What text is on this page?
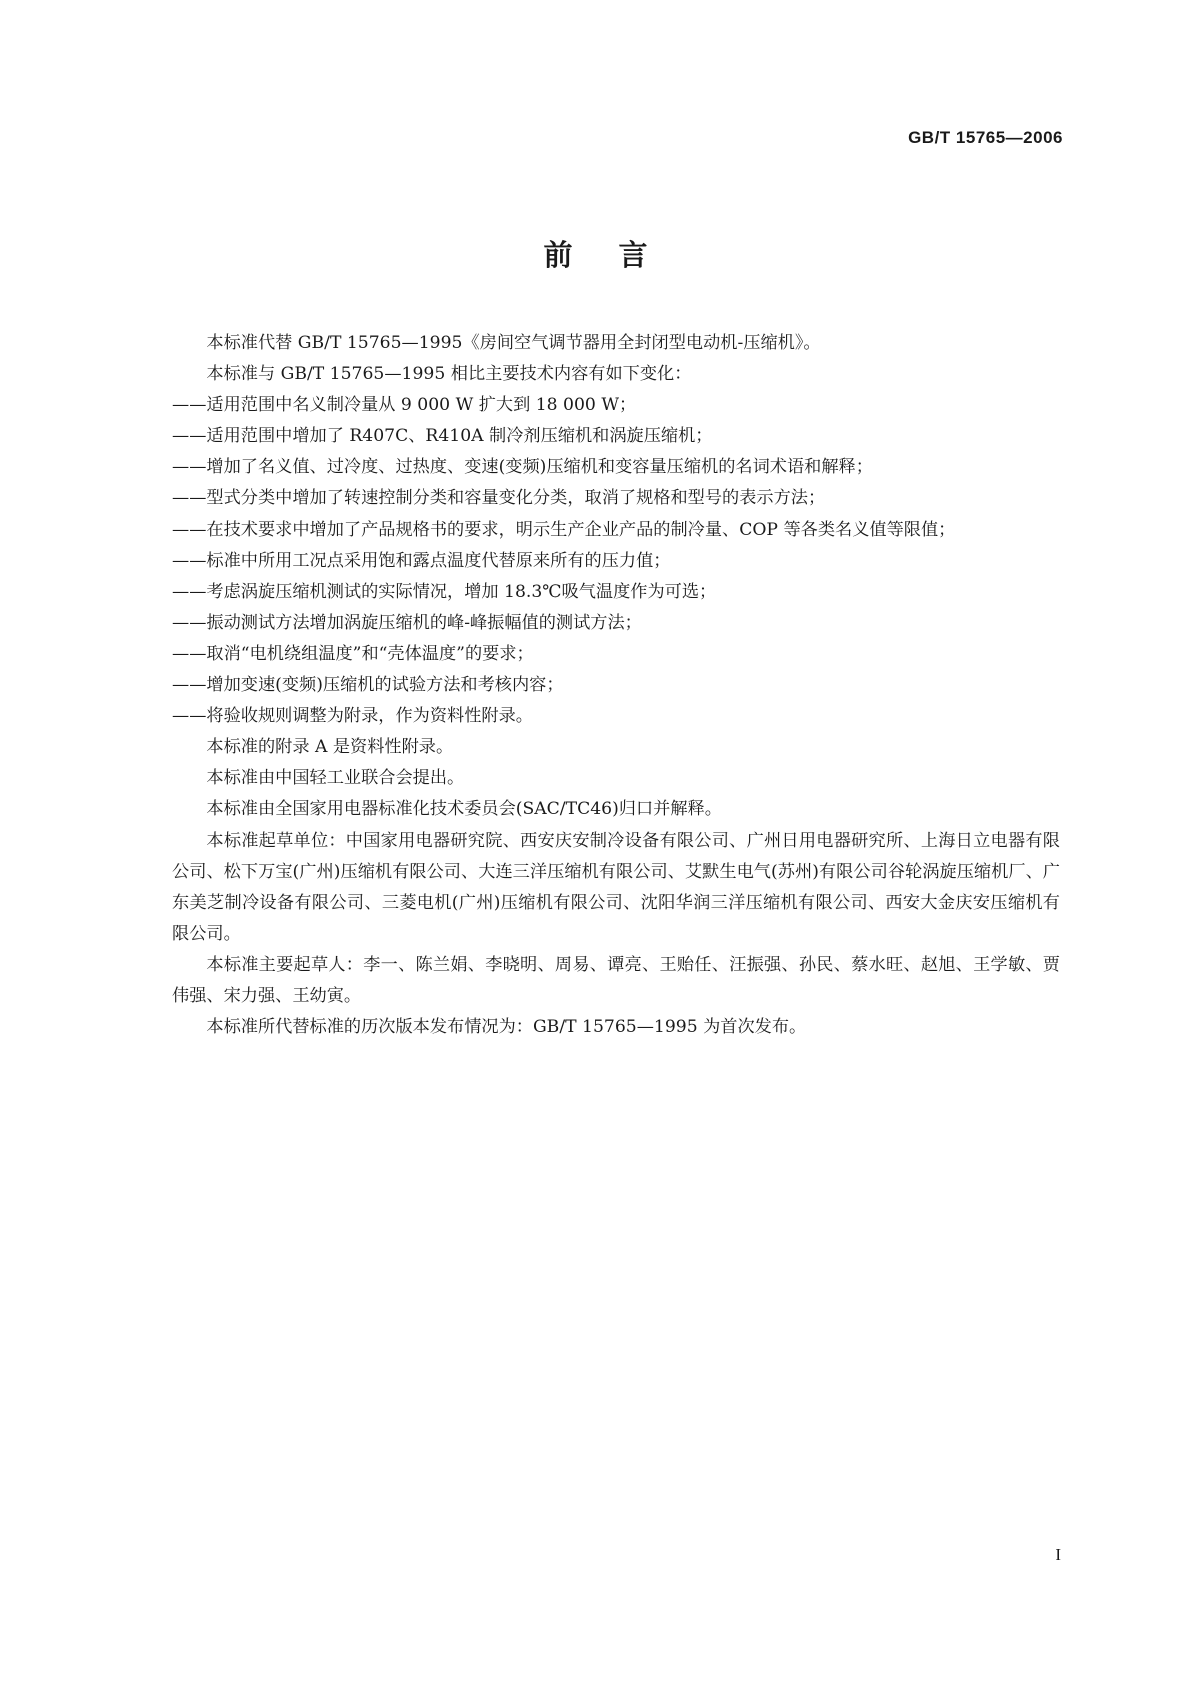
GB/T 15765—2006
前言

本标准代替 GB/T 15765—1995《房间空气调节器用全封闭型电动机-压缩机》。

本标准与 GB/T 15765—1995 相比主要技术内容有如下变化：

——适用范围中名义制冷量从 9 000 W 扩大到 18 000 W；

——适用范围中增加了 R407C、R410A 制冷剂压缩机和涡旋压缩机；

——增加了名义值、过冷度、过热度、变速(变频)压缩机和变容量压缩机的名词术语和解释；

——型式分类中增加了转速控制分类和容量变化分类，取消了规格和型号的表示方法；

——在技术要求中增加了产品规格书的要求，明示生产企业产品的制冷量、COP 等各类名义值等限值；

——标准中所用工况点采用饱和露点温度代替原来所有的压力值；

——考虑涡旋压缩机测试的实际情况，增加 18.3℃吸气温度作为可选；

——振动测试方法增加涡旋压缩机的峰-峰振幅值的测试方法；

——取消“电机绕组温度”和“壳体温度”的要求；

——增加变速(变频)压缩机的试验方法和考核内容；

——将验收规则调整为附录，作为资料性附录。

本标准的附录 A 是资料性附录。

本标准由中国轻工业联合会提出。

本标准由全国家用电器标准化技术委员会(SAC/TC46)归口并解释。

本标准起草单位：中国家用电器研究院、西安庆安制冷设备有限公司、广州日用电器研究所、上海日立电器有限公司、松下万宝(广州)压缩机有限公司、大连三洋压缩机有限公司、艾默生电气(苏州)有限公司谷轮涡旋压缩机厂、广东美芝制冷设备有限公司、三菱电机(广州)压缩机有限公司、沈阳华润三洋压缩机有限公司、西安大金庆安压缩机有限公司。

本标准主要起草人：李一、陈兰娟、李晓明、周易、谭亮、王贻任、汪振强、孙民、蔡水旺、赵旭、王学敏、贾伟强、宋力强、王幼寅。

本标准所代替标准的历次版本发布情况为：GB/T 15765—1995 为首次发布。

I
